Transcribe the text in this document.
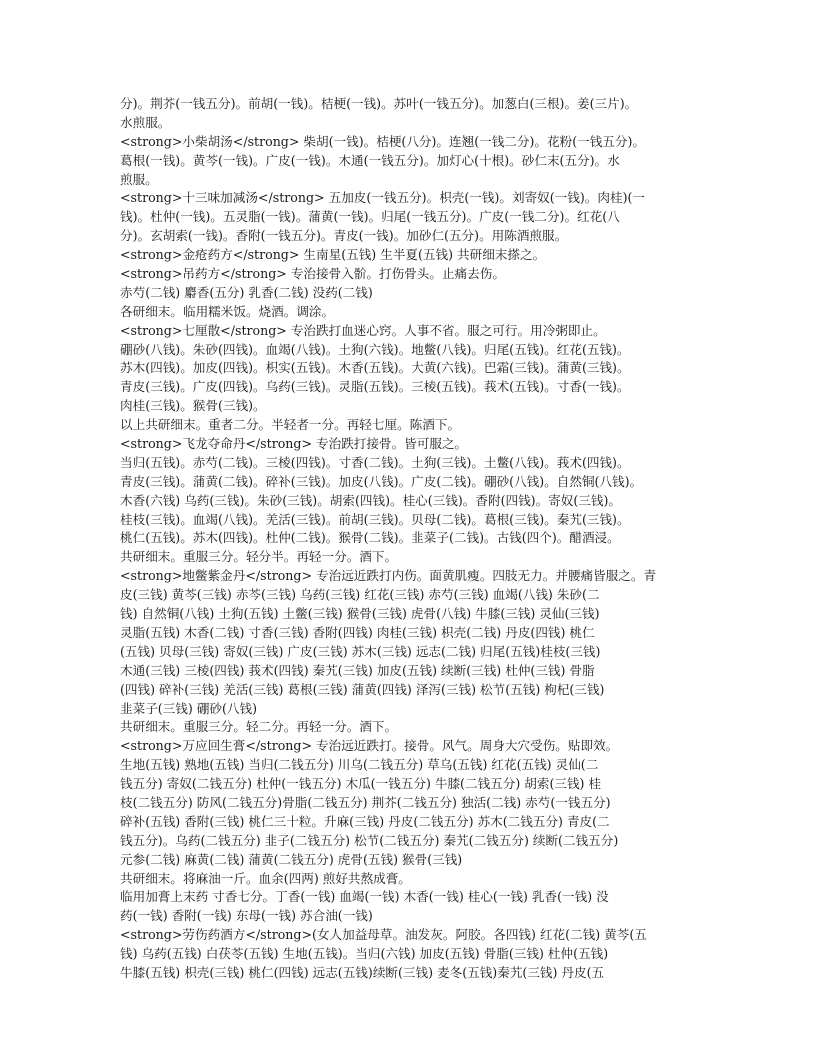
分)。荆芥(一钱五分)。前胡(一钱)。桔梗(一钱)。苏叶(一钱五分)。加葱白(三根)。姜(三片)。
水煎服。
<strong>小柴胡汤</strong> 柴胡(一钱)。桔梗(八分)。连翘(一钱二分)。花粉(一钱五分)。
葛根(一钱)。黄芩(一钱)。广皮(一钱)。木通(一钱五分)。加灯心(十根)。砂仁末(五分)。水
煎服。
<strong>十三味加减汤</strong> 五加皮(一钱五分)。枳壳(一钱)。刘寄奴(一钱)。肉桂)(一
钱)。杜仲(一钱)。五灵脂(一钱)。蒲黄(一钱)。归尾(一钱五分)。广皮(一钱二分)。红花(八
分)。玄胡索(一钱)。香附(一钱五分)。青皮(一钱)。加砂仁(五分)。用陈酒煎服。
<strong>金疮药方</strong> 生南星(五钱) 生半夏(五钱) 共研细末搽之。
<strong>吊药方</strong> 专治接骨入骱。打伤骨头。止痛去伤。
赤芍(二钱) 麝香(五分) 乳香(二钱) 没药(二钱)
各研细末。临用糯米饭。烧酒。调涂。
<strong>七厘散</strong> 专治跌打血迷心窍。人事不省。服之可行。用冷粥即止。
硼砂(八钱)。朱砂(四钱)。血竭(八钱)。土狗(六钱)。地鳖(八钱)。归尾(五钱)。红花(五钱)。
苏木(四钱)。加皮(四钱)。枳实(五钱)。木香(五钱)。大黄(六钱)。巴霜(三钱)。蒲黄(三钱)。
青皮(三钱)。广皮(四钱)。乌药(三钱)。灵脂(五钱)。三棱(五钱)。莪术(五钱)。寸香(一钱)。
肉桂(三钱)。猴骨(三钱)。
以上共研细末。重者二分。半轻者一分。再轻七厘。陈酒下。
<strong>飞龙夺命丹</strong> 专治跌打接骨。皆可服之。
当归(五钱)。赤芍(二钱)。三棱(四钱)。寸香(二钱)。土狗(三钱)。土鳖(八钱)。莪术(四钱)。
青皮(三钱)。蒲黄(二钱)。碎补(三钱)。加皮(八钱)。广皮(二钱)。硼砂(八钱)。自然铜(八钱)。
木香(六钱) 乌药(三钱)。朱砂(三钱)。胡索(四钱)。桂心(三钱)。香附(四钱)。寄奴(三钱)。
桂枝(三钱)。血竭(八钱)。羌活(三钱)。前胡(三钱)。贝母(二钱)。葛根(三钱)。秦艽(三钱)。
桃仁(五钱)。苏木(四钱)。杜仲(二钱)。猴骨(二钱)。韭菜子(二钱)。古钱(四个)。醋酒浸。
共研细末。重服三分。轻分半。再轻一分。酒下。
<strong>地鳖紫金丹</strong> 专治远近跌打内伤。面黄肌瘦。四肢无力。并腰痛皆服之。青
皮(三钱) 黄芩(三钱) 赤芩(三钱) 乌药(三钱) 红花(三钱) 赤芍(三钱) 血竭(八钱) 朱砂(二
钱) 自然铜(八钱) 土狗(五钱) 土鳖(三钱) 猴骨(三钱) 虎骨(八钱) 牛膝(三钱) 灵仙(三钱)
灵脂(五钱) 木香(二钱) 寸香(三钱) 香附(四钱) 肉桂(三钱) 枳壳(二钱) 丹皮(四钱) 桃仁
(五钱) 贝母(三钱) 寄奴(三钱) 广皮(三钱) 苏木(三钱) 远志(二钱) 归尾(五钱)桂枝(三钱)
木通(三钱) 三棱(四钱) 莪术(四钱) 秦艽(三钱) 加皮(五钱) 续断(三钱) 杜仲(三钱) 骨脂
(四钱) 碎补(三钱) 羌活(三钱) 葛根(三钱) 蒲黄(四钱) 泽泻(三钱) 松节(五钱) 枸杞(三钱)
韭菜子(三钱) 硼砂(八钱)
共研细末。重服三分。轻二分。再轻一分。酒下。
<strong>万应回生膏</strong> 专治远近跌打。接骨。风气。周身大穴受伤。贴即效。
生地(五钱) 熟地(五钱) 当归(二钱五分) 川乌(二钱五分) 草乌(五钱) 红花(五钱) 灵仙(二
钱五分) 寄奴(二钱五分) 杜仲(一钱五分) 木瓜(一钱五分) 牛膝(二钱五分) 胡索(三钱) 桂
枝(二钱五分) 防风(二钱五分)骨脂(二钱五分) 荆芥(二钱五分) 独活(二钱) 赤芍(一钱五分)
碎补(五钱) 香附(三钱) 桃仁三十粒。升麻(三钱) 丹皮(二钱五分) 苏木(二钱五分) 青皮(二
钱五分)。乌药(二钱五分) 韭子(二钱五分) 松节(二钱五分) 秦艽(二钱五分) 续断(二钱五分)
元参(二钱) 麻黄(二钱) 蒲黄(二钱五分) 虎骨(五钱) 猴骨(三钱)
共研细末。将麻油一斤。血余(四两) 煎好共熬成膏。
临用加膏上末药 寸香七分。丁香(一钱) 血竭(一钱) 木香(一钱) 桂心(一钱) 乳香(一钱) 没
药(一钱) 香附(一钱) 东母(一钱) 苏合油(一钱)
<strong>劳伤药酒方</strong>(女人加益母草。油发灰。阿胶。各四钱) 红花(二钱) 黄芩(五
钱) 乌药(五钱) 白茯苓(五钱) 生地(五钱)。当归(六钱) 加皮(五钱) 骨脂(三钱) 杜仲(五钱)
牛膝(五钱) 枳壳(三钱) 桃仁(四钱) 远志(五钱)续断(三钱) 麦冬(五钱)秦艽(三钱) 丹皮(五
